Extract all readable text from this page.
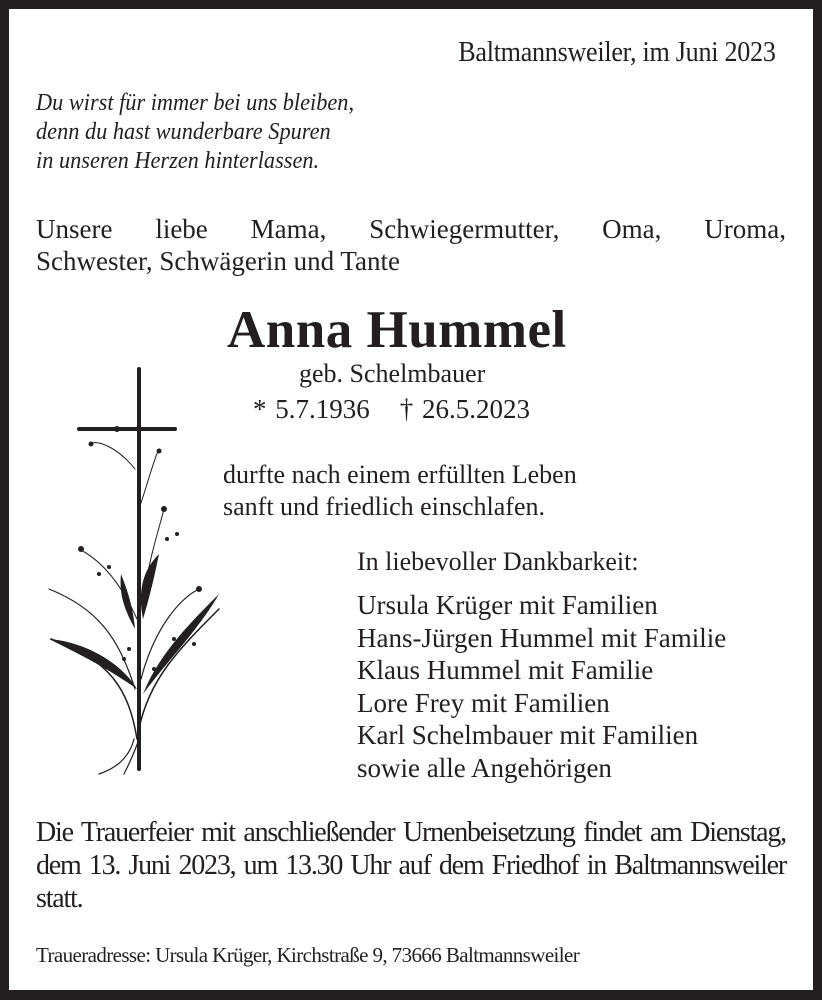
Baltmannsweiler, im Juni 2023
Du wirst für immer bei uns bleiben,
denn du hast wunderbare Spuren
in unseren Herzen hinterlassen.
Unsere liebe Mama, Schwiegermutter, Oma, Uroma,
Schwester, Schwägerin und Tante
Anna Hummel
geb. Schelmbauer
* 5.7.1936 † 26.5.2023
durfte nach einem erfüllten Leben
sanft und friedlich einschlafen.
In liebevoller Dankbarkeit:
Ursula Krüger mit Familien
Hans-Jürgen Hummel mit Familie
Klaus Hummel mit Familie
Lore Frey mit Familien
Karl Schelmbauer mit Familien
sowie alle Angehörigen
Die Trauerfeier mit anschließender Urnenbeisetzung findet am Dienstag, dem 13. Juni 2023, um 13.30 Uhr auf dem Friedhof in Baltmannsweiler statt.
Traueradresse: Ursula Krüger, Kirchstraße 9, 73666 Baltmannsweiler
